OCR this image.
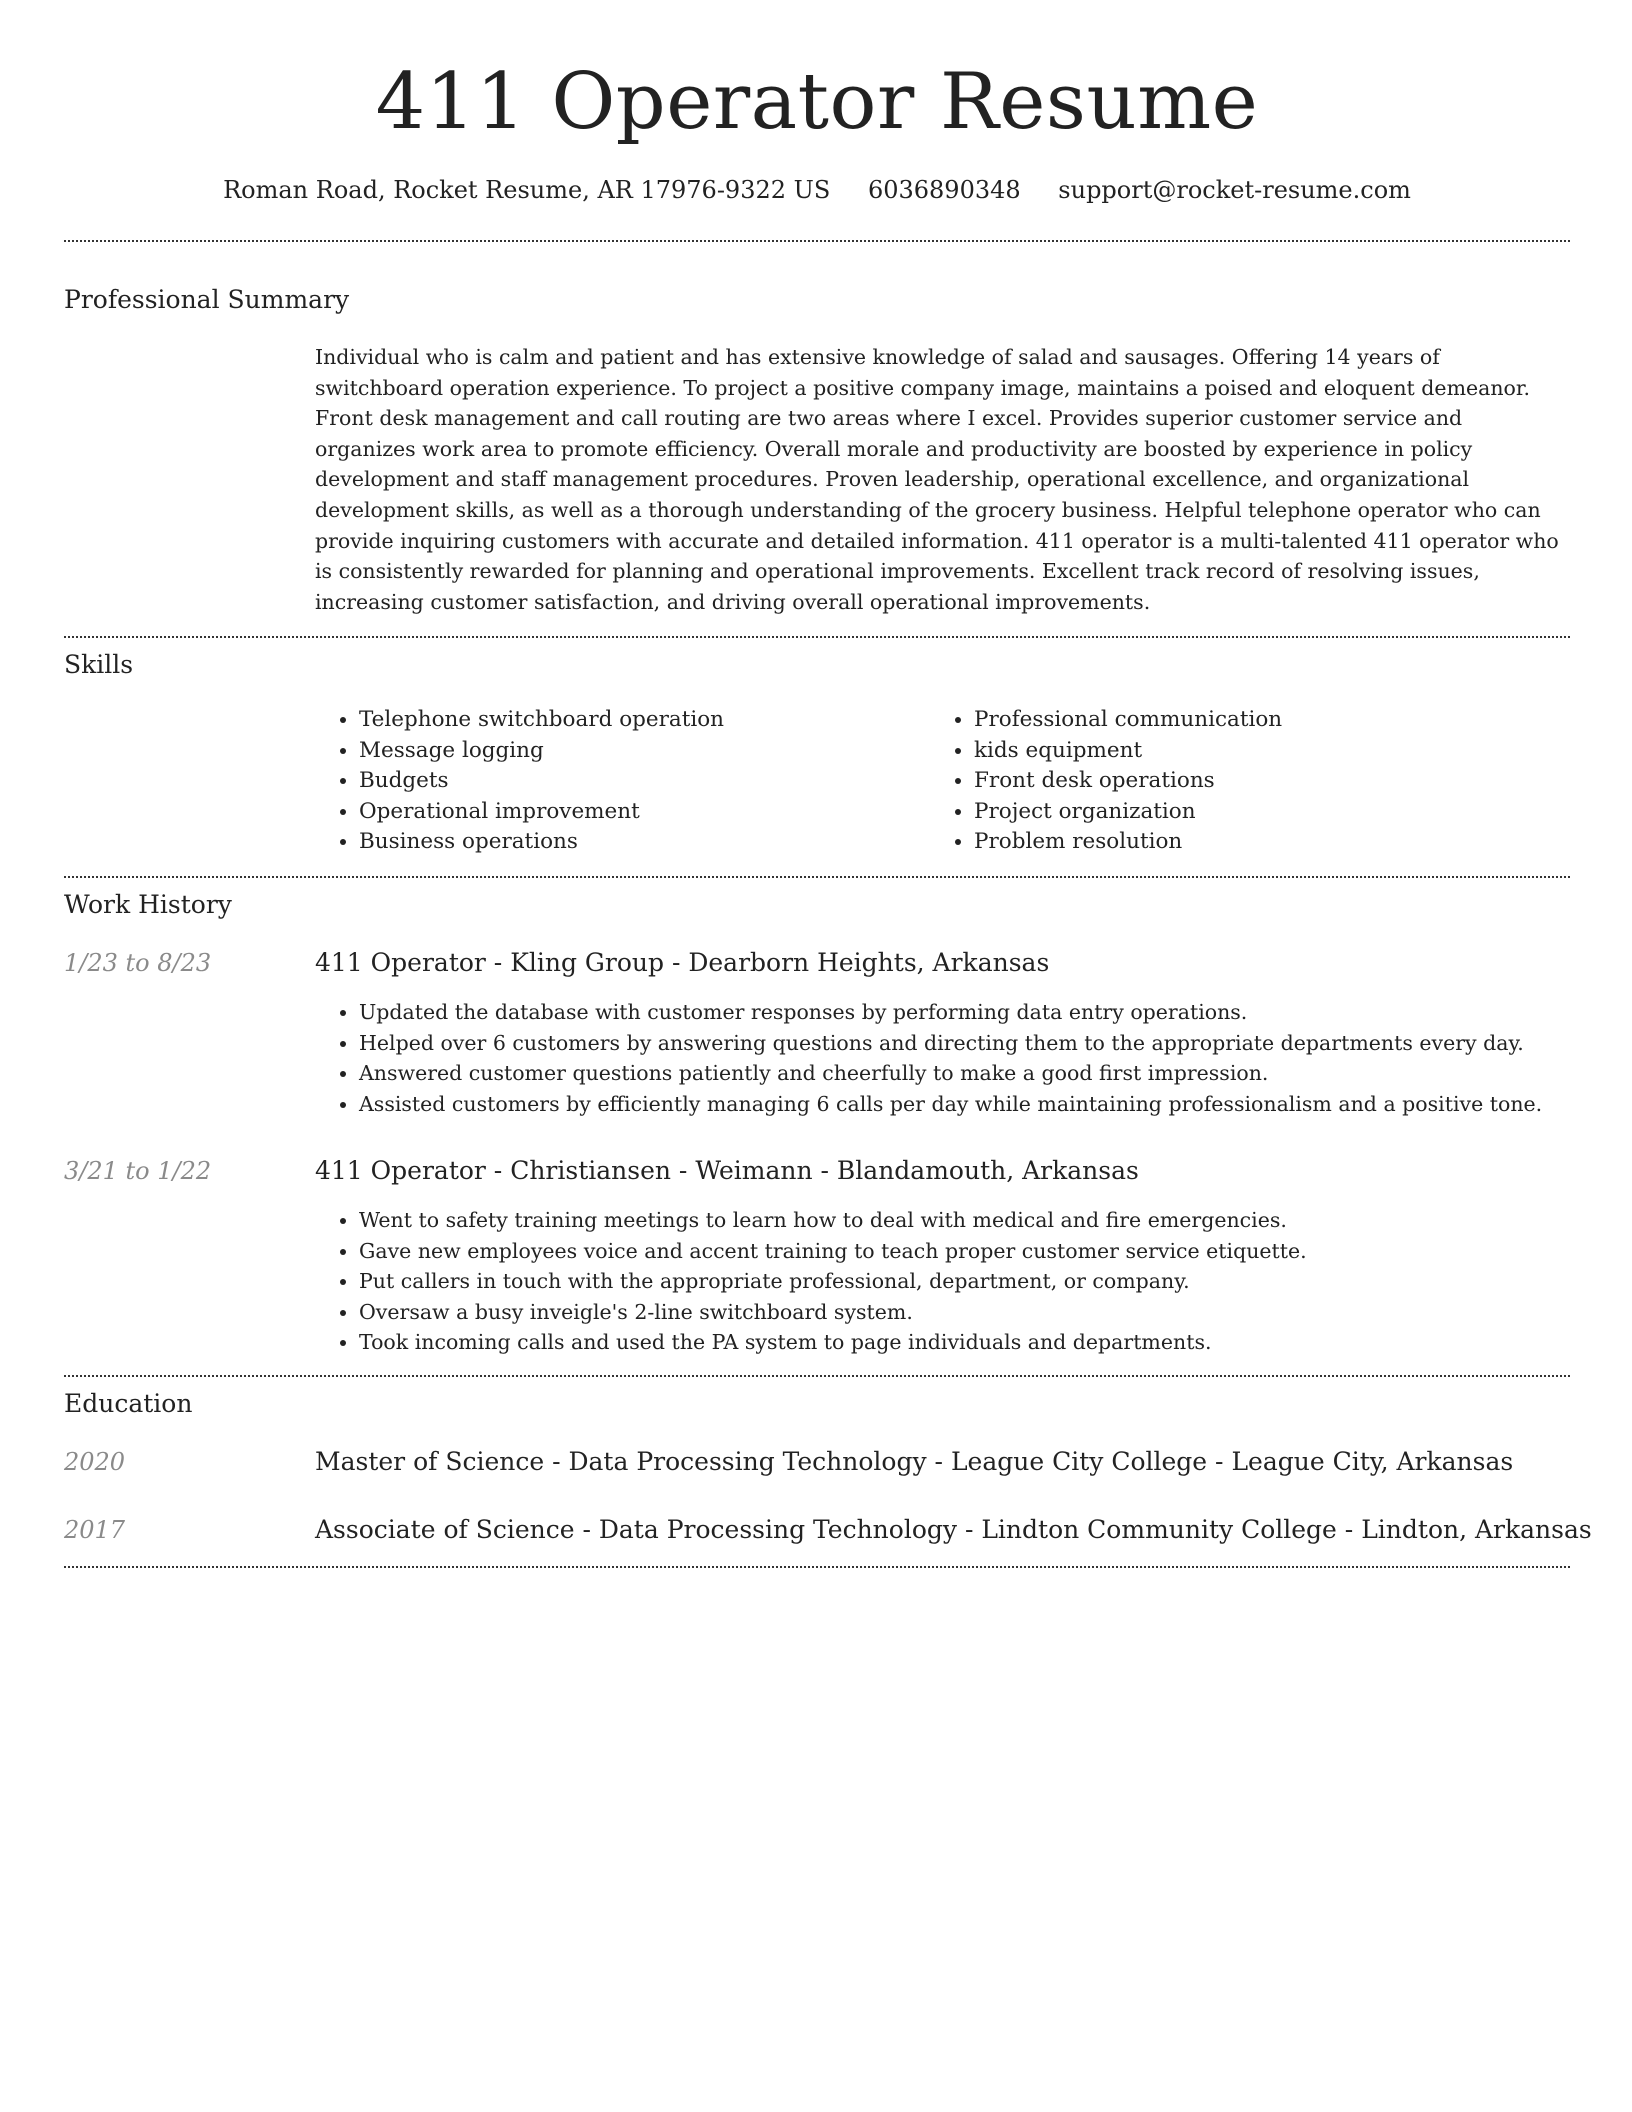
411 Operator Resume
Roman Road, Rocket Resume, AR 17976-9322 US 6036890348 support@rocket-resume.com
Professional Summary

Individual who is calm and patient and has extensive knowledge of salad and sausages. Offering 14 years of switchboard operation experience. To project a positive company image, maintains a poised and eloquent demeanor. Front desk management and call routing are two areas where I excel. Provides superior customer service and organizes work area to promote efficiency. Overall morale and productivity are boosted by experience in policy development and staff management procedures. Proven leadership, operational excellence, and organizational development skills, as well as a thorough understanding of the grocery business. Helpful telephone operator who can provide inquiring customers with accurate and detailed information. 411 operator is a multi-talented 411 operator who is consistently rewarded for planning and operational improvements. Excellent track record of resolving issues, increasing customer satisfaction, and driving overall operational improvements.

Skills
• Telephone switchboard operation
• Message logging
• Budgets
• Operational improvement
• Business operations
• Professional communication
• kids equipment
• Front desk operations
• Project organization
• Problem resolution
Work History
1/23 to 8/23	411 Operator - Kling Group - Dearborn Heights, Arkansas
• Updated the database with customer responses by performing data entry operations.
• Helped over 6 customers by answering questions and directing them to the appropriate departments every day.
• Answered customer questions patiently and cheerfully to make a good first impression.
• Assisted customers by efficiently managing 6 calls per day while maintaining professionalism and a positive tone.
3/21 to 1/22	411 Operator - Christiansen - Weimann - Blandamouth, Arkansas
• Went to safety training meetings to learn how to deal with medical and fire emergencies.
• Gave new employees voice and accent training to teach proper customer service etiquette.
• Put callers in touch with the appropriate professional, department, or company.
• Oversaw a busy inveigle's 2-line switchboard system.
• Took incoming calls and used the PA system to page individuals and departments.
Education
2020	Master of Science - Data Processing Technology - League City College - League City, Arkansas
2017	Associate of Science - Data Processing Technology - Lindton Community College - Lindton, Arkansas
